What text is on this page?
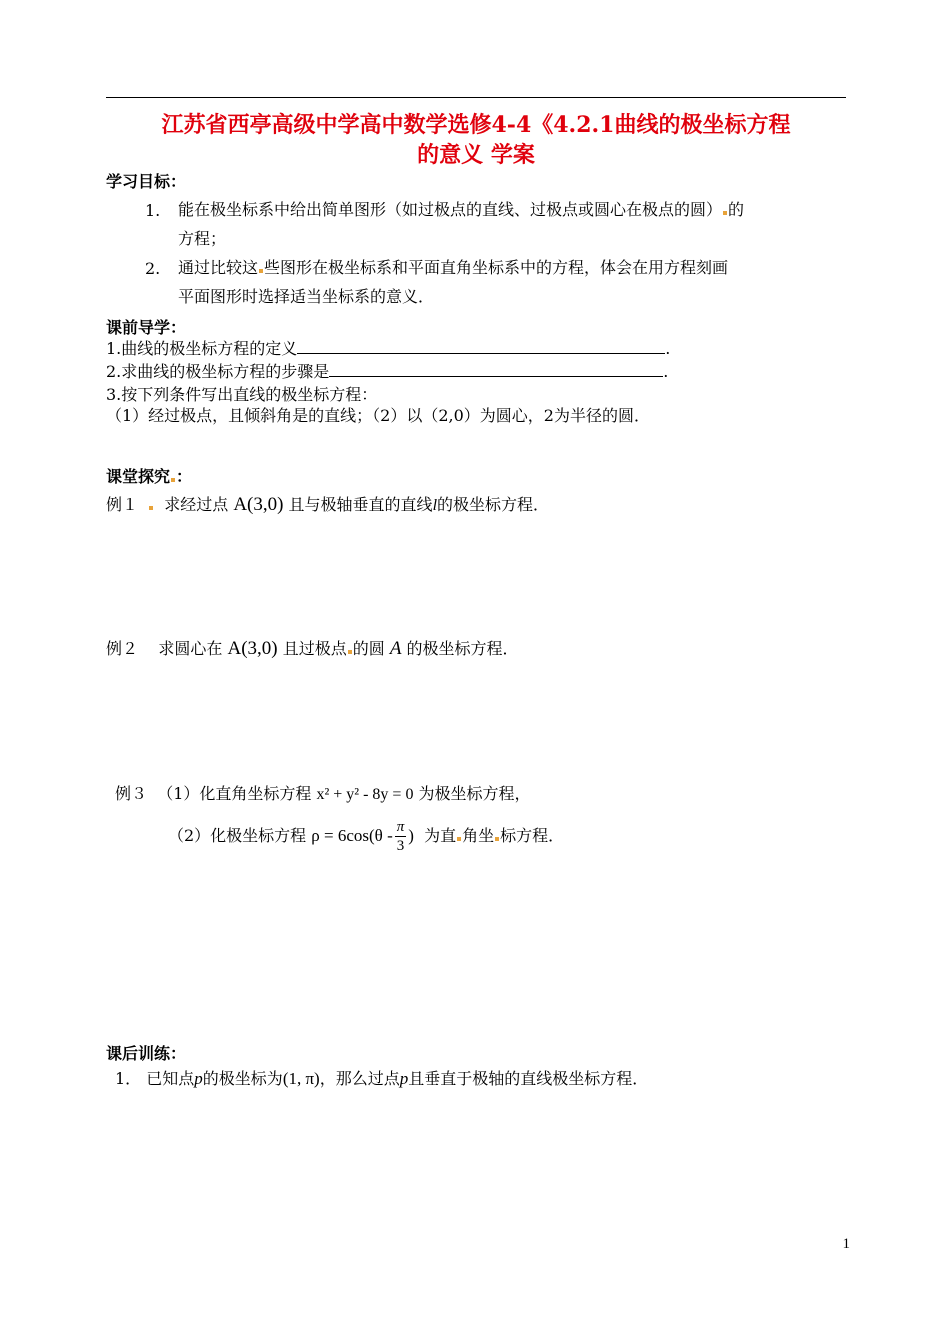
江苏省西亭高级中学高中数学选修4-4《4.2.1曲线的极坐标方程
的意义 学案
学习目标：
1. 能在极坐标系中给出简单图形（如过极点的直线、过极点或圆心在极点的圆） 的
方程；
2. 通过比较这 些图形在极坐标系和平面直角坐标系中的方程，体会在用方程刻画
平面图形时选择适当坐标系的意义．
课前导学：
1.曲线的极坐标方程的定义	.
2.求曲线的极坐标方程的步骤是	.
3.按下列条件写出直线的极坐标方程：
（1）经过极点，且倾斜角是的直线；（2）以（2,0）为圆心，2为半径的圆．
课堂探究 ：
例１ 求经过点 A(3,0) 且与极轴垂直的直线l的极坐标方程．
例２ 求圆心在 A(3,0) 且过极点 的圆 A 的极坐标方程．
例３ （1）化直角坐标方程 x² + y² - 8y = 0 为极坐标方程，
（2）化极坐标方程 $\rho = 6\cos(\theta - \frac{\pi}{3}$ ) 为直 角坐 标方程．
课后训练：
1． 已知点p的极坐标为(1, π)，那么过点p且垂直于极轴的直线极坐标方程．
1
